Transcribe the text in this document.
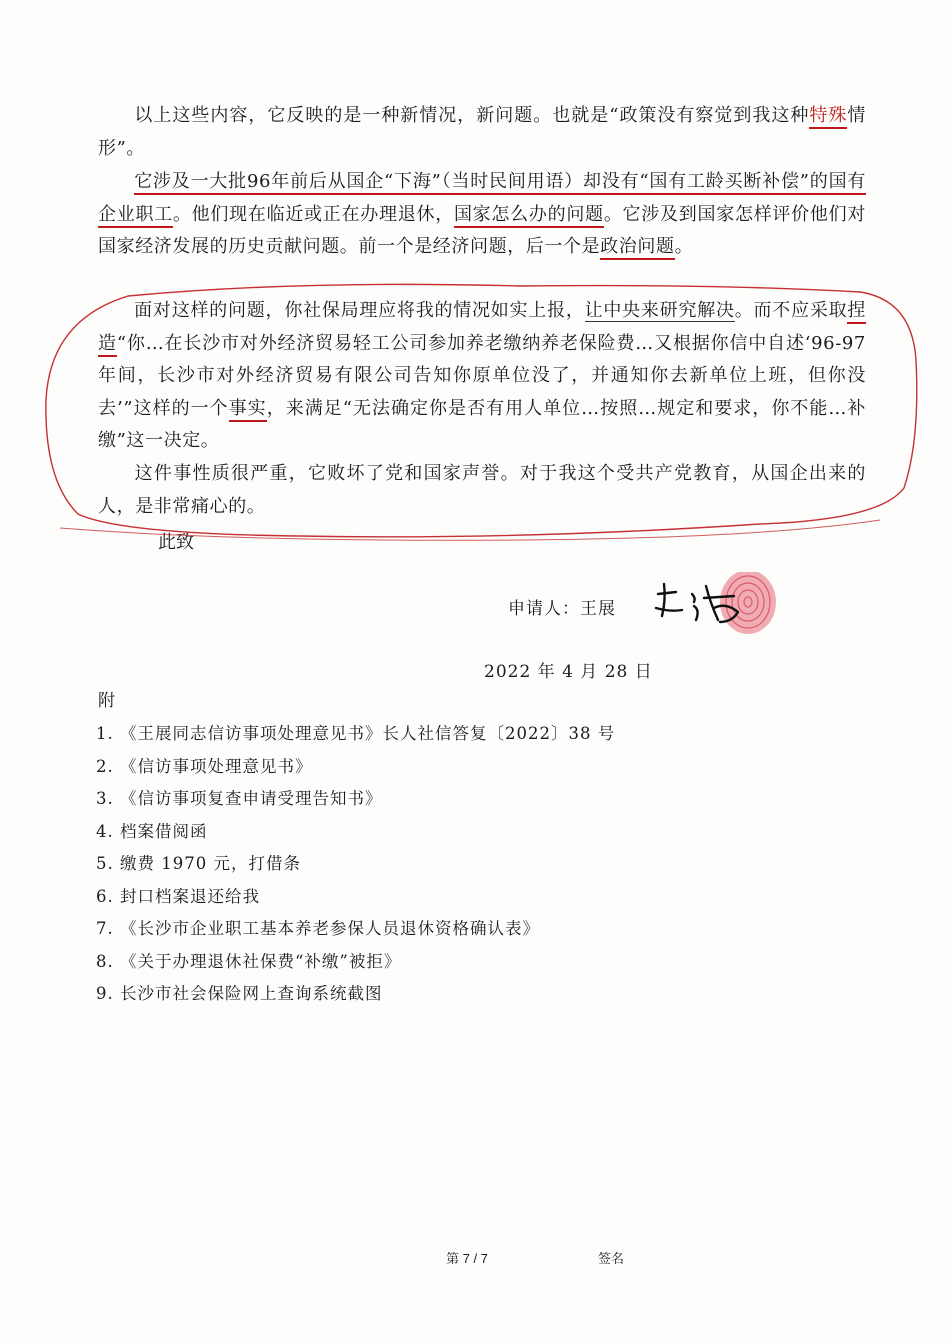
以上这些内容，它反映的是一种新情况，新问题。也就是“政策没有察觉到我这种特殊情形”。

它涉及一大批96年前后从国企“下海”（当时民间用语）却没有“国有工龄买断补偿”的国有企业职工。他们现在临近或正在办理退休，国家怎么办的问题。它涉及到国家怎样评价他们对国家经济发展的历史贡献问题。前一个是经济问题，后一个是政治问题。

面对这样的问题，你社保局理应将我的情况如实上报，让中央来研究解决。而不应采取捏造“你…在长沙市对外经济贸易轻工公司参加养老缴纳养老保险费…又根据你信中自述‘96-97年间，长沙市对外经济贸易有限公司告知你原单位没了，并通知你去新单位上班，但你没去’”这样的一个事实，来满足“无法确定你是否有用人单位…按照…规定和要求，你不能…补缴”这一决定。

这件事性质很严重，它败坏了党和国家声誉。对于我这个受共产党教育，从国企出来的人，是非常痛心的。

此致
申请人：王展
2022 年 4 月 28 日
附
1. 《王展同志信访事项处理意见书》长人社信答复〔2022〕38 号
2. 《信访事项处理意见书》
3. 《信访事项复查申请受理告知书》
4. 档案借阅函
5. 缴费 1970 元，打借条
6. 封口档案退还给我
7. 《长沙市企业职工基本养老参保人员退休资格确认表》
8. 《关于办理退休社保费“补缴”被拒》
9. 长沙市社会保险网上查询系统截图
第 7 / 7	签名
